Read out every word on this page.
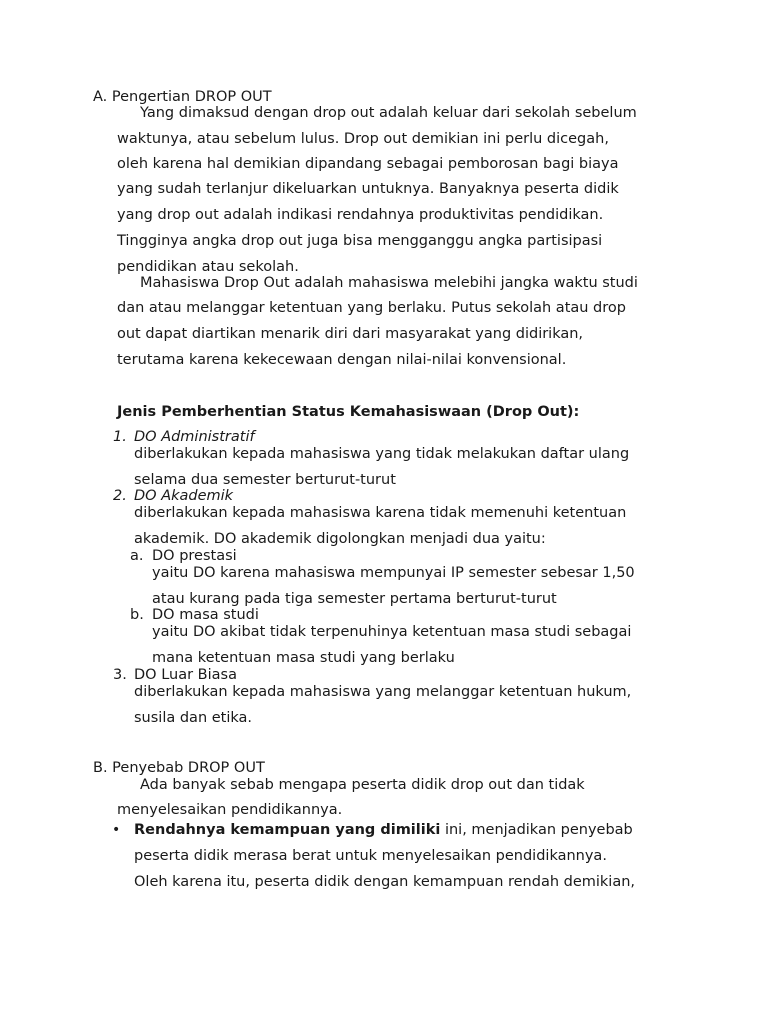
A. Pengertian DROP OUT
Yang dimaksud dengan drop out adalah keluar dari sekolah sebelum
waktunya, atau sebelum lulus. Drop out demikian ini perlu dicegah,
oleh karena hal demikian dipandang sebagai pemborosan bagi biaya
yang sudah terlanjur dikeluarkan untuknya. Banyaknya peserta didik
yang drop out adalah indikasi rendahnya produktivitas pendidikan.
Tingginya angka drop out juga bisa mengganggu angka partisipasi
pendidikan atau sekolah.
Mahasiswa Drop Out adalah mahasiswa melebihi jangka waktu studi
dan atau melanggar ketentuan yang berlaku. Putus sekolah atau drop
out dapat diartikan menarik diri dari masyarakat yang didirikan,
terutama karena kekecewaan dengan nilai-nilai konvensional.
Jenis Pemberhentian Status Kemahasiswaan (Drop Out):
1. DO Administratif
diberlakukan kepada mahasiswa yang tidak melakukan daftar ulang
selama dua semester berturut-turut
2. DO Akademik
diberlakukan kepada mahasiswa karena tidak memenuhi ketentuan
akademik. DO akademik digolongkan menjadi dua yaitu:
a. DO prestasi
yaitu DO karena mahasiswa mempunyai IP semester sebesar 1,50
atau kurang pada tiga semester pertama berturut-turut
b. DO masa studi
yaitu DO akibat tidak terpenuhinya ketentuan masa studi sebagai
mana ketentuan masa studi yang berlaku
3. DO Luar Biasa
diberlakukan kepada mahasiswa yang melanggar ketentuan hukum,
susila dan etika.
B. Penyebab DROP OUT
Ada banyak sebab mengapa peserta didik drop out dan tidak
menyelesaikan pendidikannya.
• Rendahnya kemampuan yang dimiliki ini, menjadikan penyebab
peserta didik merasa berat untuk menyelesaikan pendidikannya.
Oleh karena itu, peserta didik dengan kemampuan rendah demikian,
